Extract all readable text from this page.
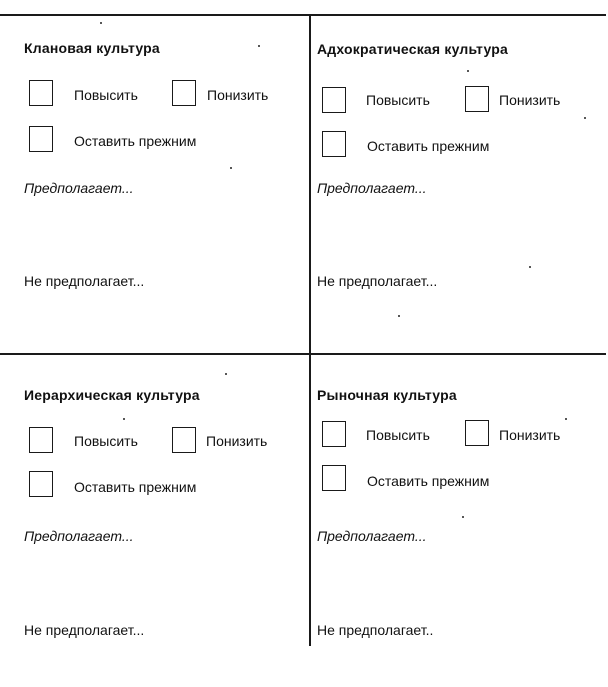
Клановая культура
Повысить	Понизить
Оставить прежним
Предполагает...
Не предполагает...
Адхократическая культура
Повысить	Понизить
Оставить прежним
Предполагает...
Не предполагает...
Иерархическая культура
Повысить	Понизить
Оставить прежним
Предполагает...
Не предполагает...
Рыночная культура
Повысить	Понизить
Оставить прежним
Предполагает...
Не предполагает..
